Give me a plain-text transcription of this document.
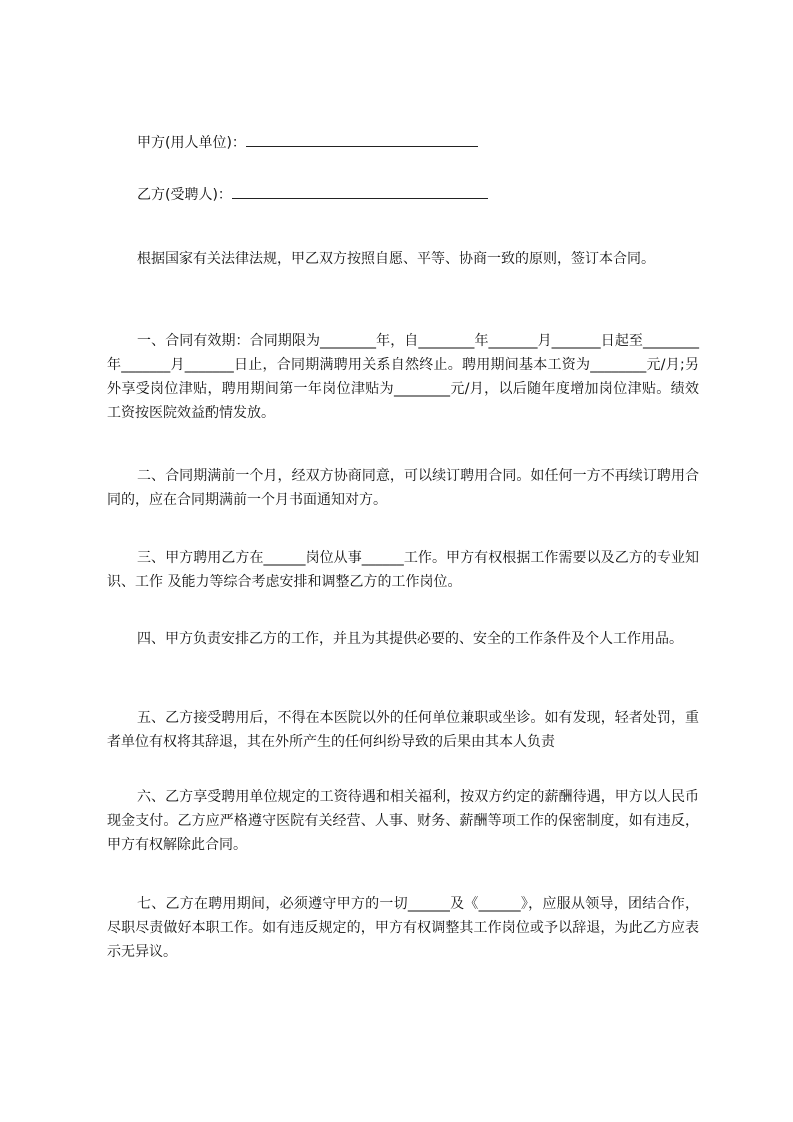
甲方(用人单位)：
乙方(受聘人)：

根据国家有关法律法规，甲乙双方按照自愿、平等、协商一致的原则，签订本合同。

一、合同有效期：合同期限为________年，自________年_______月_______日起至________年_______月_______日止，合同期满聘用关系自然终止。聘用期间基本工资为________元/月;另外享受岗位津贴，聘用期间第一年岗位津贴为________元/月，以后随年度增加岗位津贴。绩效工资按医院效益酌情发放。

二、合同期满前一个月，经双方协商同意，可以续订聘用合同。如任何一方不再续订聘用合同的，应在合同期满前一个月书面通知对方。

三、甲方聘用乙方在______岗位从事______工作。甲方有权根据工作需要以及乙方的专业知识、工作 及能力等综合考虑安排和调整乙方的工作岗位。

四、甲方负责安排乙方的工作，并且为其提供必要的、安全的工作条件及个人工作用品。

五、乙方接受聘用后，不得在本医院以外的任何单位兼职或坐诊。如有发现，轻者处罚，重者单位有权将其辞退，其在外所产生的任何纠纷导致的后果由其本人负责

六、乙方享受聘用单位规定的工资待遇和相关福利，按双方约定的薪酬待遇，甲方以人民币现金支付。乙方应严格遵守医院有关经营、人事、财务、薪酬等项工作的保密制度，如有违反，甲方有权解除此合同。

七、乙方在聘用期间，必须遵守甲方的一切______及《______》，应服从领导，团结合作，尽职尽责做好本职工作。如有违反规定的，甲方有权调整其工作岗位或予以辞退，为此乙方应表示无异议。
